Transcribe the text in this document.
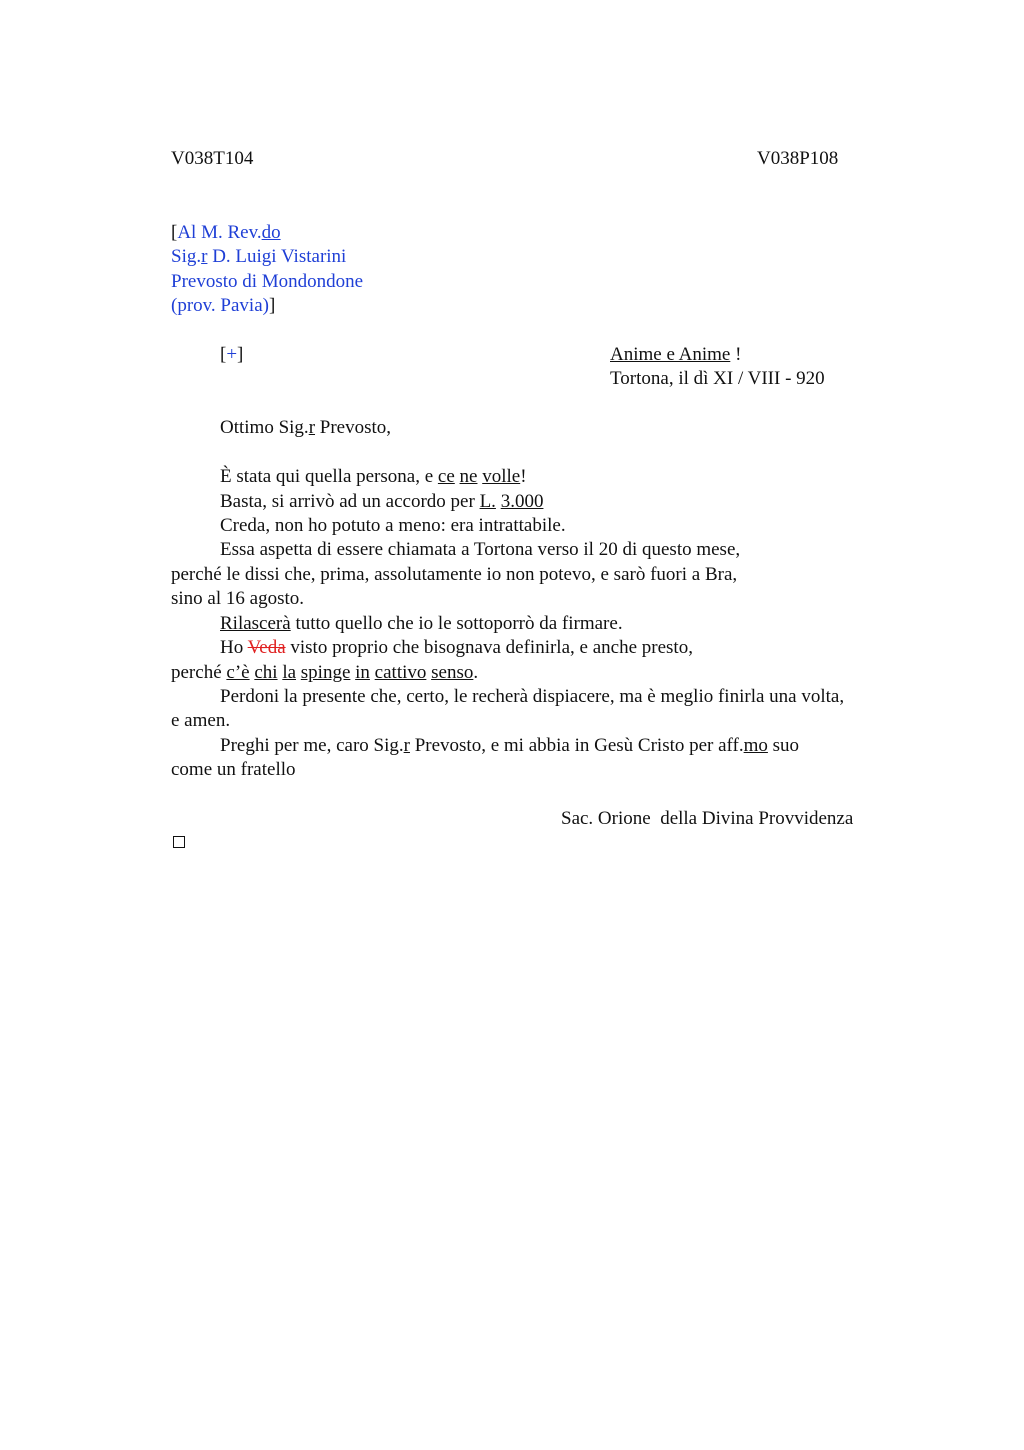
V038T104	V038P108
[Al M. Rev.do
Sig.r D. Luigi Vistarini
Prevosto di Mondondone
(prov. Pavia)]
[+]	Anime e Anime !
Tortona, il dì XI / VIII - 920
Ottimo Sig.r Prevosto,
È stata qui quella persona, e ce ne volle!
Basta, si arrivò ad un accordo per L. 3.000
Creda, non ho potuto a meno: era intrattabile.
Essa aspetta di essere chiamata a Tortona verso il 20 di questo mese,
perché le dissi che, prima, assolutamente io non potevo, e sarò fuori a Bra,
sino al 16 agosto.
Rilascerà tutto quello che io le sottoporrò da firmare.
Ho Veda visto proprio che bisognava definirla, e anche presto,
perché c’è chi la spinge in cattivo senso.
Perdoni la presente che, certo, le recherà dispiacere, ma è meglio finirla una volta,
e amen.
Preghi per me, caro Sig.r Prevosto, e mi abbia in Gesù Cristo per aff.mo suo
come un fratello
Sac. Orione  della Divina Provvidenza
